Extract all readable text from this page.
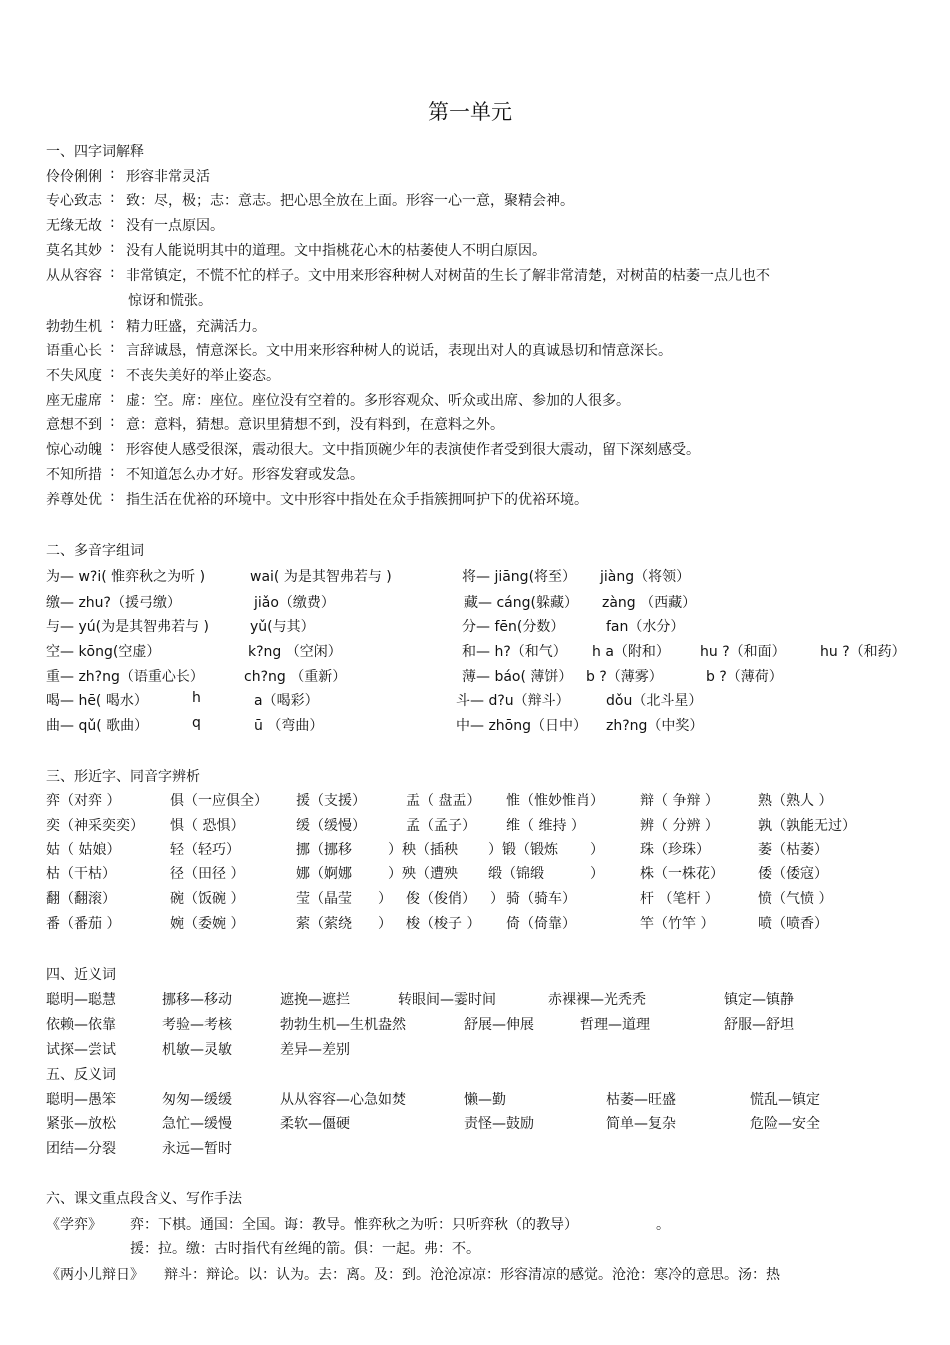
第一单元
一、四字词解释
伶伶俐俐 : 形容非常灵活
专心致志 : 致：尽，极；志：意志。把心思全放在上面。形容一心一意，聚精会神。
无缘无故 : 没有一点原因。
莫名其妙 : 没有人能说明其中的道理。文中指桃花心木的枯萎使人不明白原因。
从从容容 : 非常镇定，不慌不忙的样子。文中用来形容种树人对树苗的生长了解非常清楚，对树苗的枯萎一点儿也不
惊讶和慌张。
勃勃生机 : 精力旺盛，充满活力。
语重心长 : 言辞诚恳，情意深长。文中用来形容种树人的说话，表现出对人的真诚恳切和情意深长。
不失风度 : 不丧失美好的举止姿态。
座无虚席 : 虚：空。席：座位。座位没有空着的。多形容观众、听众或出席、参加的人很多。
意想不到 : 意：意料，猜想。意识里猜想不到，没有料到，在意料之外。
惊心动魄 : 形容使人感受很深，震动很大。文中指顶碗少年的表演使作者受到很大震动，留下深刻感受。
不知所措 : 不知道怎么办才好。形容发窘或发急。
养尊处优 : 指生活在优裕的环境中。文中形容中指处在众手指簇拥呵护下的优裕环境。
二、多音字组词
为— w?i( 惟弈秋之为听 )	wai( 为是其智弗若与 )	将— jiāng(将至） jiàng（将领）
缴— zhu?（援弓缴）	jiǎo（缴费）	藏— cáng(躲藏） zàng （西藏）
与— yú(为是其智弗若与 )	yǔ(与其）	分— fēn(分数）	fan（水分）
空— kōng(空虚）	k?ng （空闲）	和— h?（和气） h a（附和） hu ?（和面） hu ?（和药）
重— zh?ng（语重心长）	ch?ng （重新）	薄— báo( 薄饼） b ?（薄雾）	b ?（薄荷）
喝— hē( 喝水）	h	a（喝彩）	斗— d?u（辩斗）	dǒu（北斗星）
曲— qǔ( 歌曲）	q	ū （弯曲）	中— zhōng（日中） zh?ng（中奖）
三、形近字、同音字辨析
弈（对弈 ）	俱（一应俱全） 援（支援）	盂（ 盘盂） 惟（惟妙惟肖）	辩（ 争辩 ）	熟（熟人 ）
奕（神采奕奕） 惧（ 恐惧）	缓（缓慢）	孟（孟子） 维（ 维持 ）	辨（ 分辨 ）	孰（孰能无过）
姑（ 姑娘）	轻（轻巧）	挪（挪移	）秧（插秧 ）锻（锻炼	珠（珍珠）	萎（枯萎）
枯（干枯）	径（田径 ）	娜（婀娜	）殃（遭殃 缎（锦缎	株（一株花） 倭（倭寇）
翻（翻滚）	碗（饭碗 ）	莹（晶莹	俊（俊俏） 骑（骑车）	杆 （笔杆 ）	愤（气愤 ）
番（番茄 ）	婉（委婉 ）	萦（萦绕	梭（梭子 ） 倚（倚靠）	竿（竹竿 ）	喷（喷香）
）
）
）
）
）
四、近义词
聪明—聪慧	挪移—移动	遮挽—遮拦	转眼间—霎时间	赤裸裸—光秃秃	镇定—镇静
依赖—依靠	考验—考核	勃勃生机—生机盎然	舒展—伸展	哲理—道理	舒服—舒坦
试探—尝试	机敏—灵敏	差异—差别
五、反义词
聪明—愚笨	匆匆—缓缓	从从容容—心急如焚	懒—勤	枯萎—旺盛	慌乱—镇定
紧张—放松	急忙—缓慢	柔软—僵硬	责怪—鼓励	简单—复杂	危险—安全
团结—分裂	永远—暂时
六、课文重点段含义、写作手法
《学弈》 弈：下棋。通国：全国。诲：教导。惟弈秋之为听：只听弈秋（的教导）	。
援：拉。缴：古时指代有丝绳的箭。俱：一起。弗：不。
《两小儿辩日》 辩斗：辩论。以：认为。去：离。及：到。沧沧凉凉：形容清凉的感觉。沧沧：寒冷的意思。汤：热
